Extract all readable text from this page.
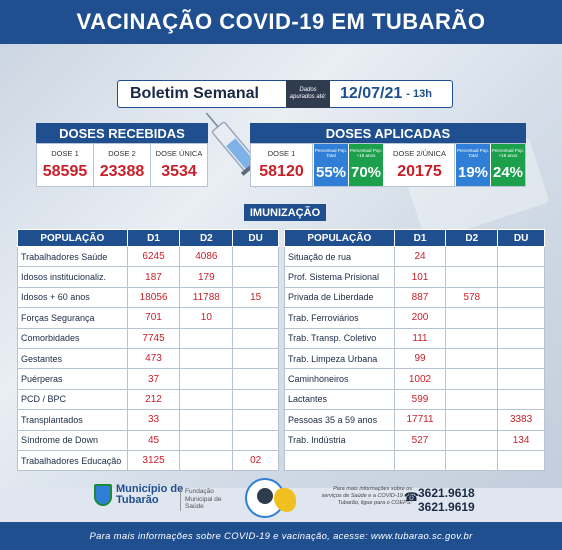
VACINAÇÃO COVID-19 EM TUBARÃO
Boletim Semanal	Dados apurados até: 12/07/21 - 13h
DOSES RECEBIDAS
DOSE 1
58595
DOSE 2
23388
DOSE ÚNICA
3534
DOSES APLICADAS
DOSE 1
58120
Percentual Pop. Total
55%
Percentual Pop. +18 anos
70%
DOSE 2/ÚNICA
20175
Percentual Pop. Total
19%
Percentual Pop. +18 anos
24%
IMUNIZAÇÃO
POPULAÇÃO	D1	D2	DU
Trabalhadores Saúde	6245	4086	
Idosos institucionaliz.	187	179	
Idosos + 60 anos	18056	11788	15
Forças Segurança	701	10	
Comorbidades	7745		
Gestantes	473		
Puérperas	37		
PCD / BPC	212		
Transplantados	33		
Síndrome de Down	45		
Trabalhadores Educação	3125		02
POPULAÇÃO	D1	D2	DU
Situação de rua	24		
Prof. Sistema Prisional	101		
Privada de Liberdade	887	578	
Trab. Ferroviários	200		
Trab. Transp. Coletivo	111		
Trab. Limpeza Urbana	99		
Caminhoneiros	1002		
Lactantes	599		
Pessoas 35 a 59 anos	17711		3383
Trab. Indústria	527		134

Município de Tubarão
Fundação Municipal de Saúde
Para mais informações sobre os serviços de Saúde e a COVID-19 em Tubarão, ligue para o COEPS:
☎ 3621.9618
3621.9619
Para mais informações sobre COVID-19 e vacinação, acesse: www.tubarao.sc.gov.br
